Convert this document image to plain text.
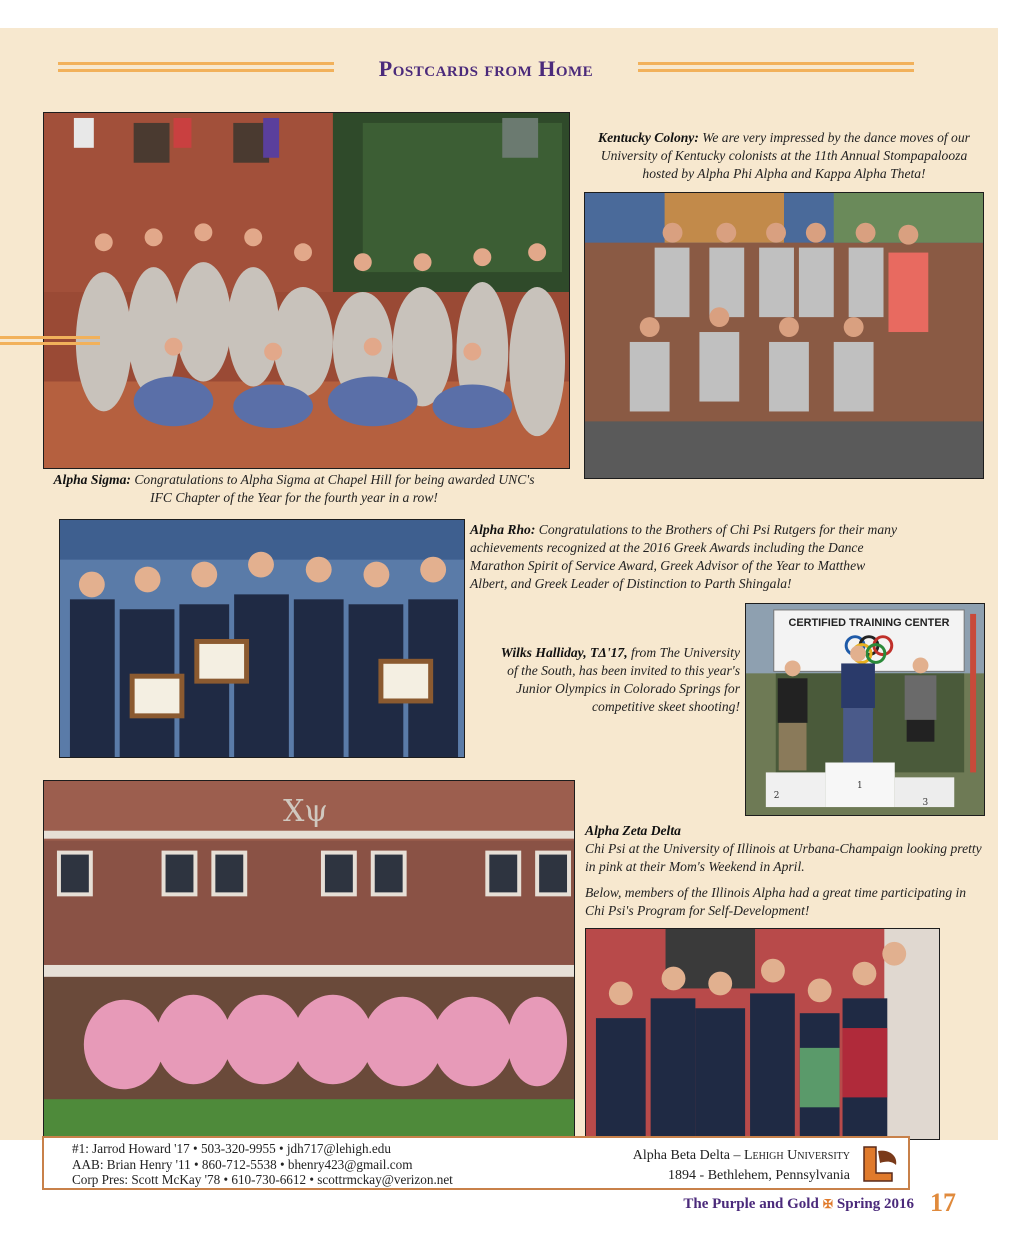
Postcards from Home
Kentucky Colony: We are very impressed by the dance moves of our University of Kentucky colonists at the 11th Annual Stompapalooza hosted by Alpha Phi Alpha and Kappa Alpha Theta!
Alpha Sigma: Congratulations to Alpha Sigma at Chapel Hill for being awarded UNC's IFC Chapter of the Year for the fourth year in a row!
Alpha Rho: Congratulations to the Brothers of Chi Psi Rutgers for their many achievements recognized at the 2016 Greek Awards including the Dance Marathon Spirit of Service Award, Greek Advisor of the Year to Matthew Albert, and Greek Leader of Distinction to Parth Shingala!
Wilks Halliday, TΔ'17, from The University of the South, has been invited to this year's Junior Olympics in Colorado Springs for competitive skeet shooting!
CERTIFIED TRAINING CENTER
2
1
3
Χψ
Alpha Zeta Delta
Chi Psi at the University of Illinois at Urbana-Champaign looking pretty in pink at their Mom's Weekend in April.
Below, members of the Illinois Alpha had a great time participating in Chi Psi's Program for Self-Development!
#1: Jarrod Howard '17 • 503-320-9955 • jdh717@lehigh.edu
AAB: Brian Henry '11 • 860-712-5538 • bhenry423@gmail.com
Corp Pres: Scott McKay '78 • 610-730-6612 • scottrmckay@verizon.net
Alpha Beta Delta – Lehigh University
1894 - Bethlehem, Pennsylvania
The Purple and Gold ✠ Spring 2016 17
